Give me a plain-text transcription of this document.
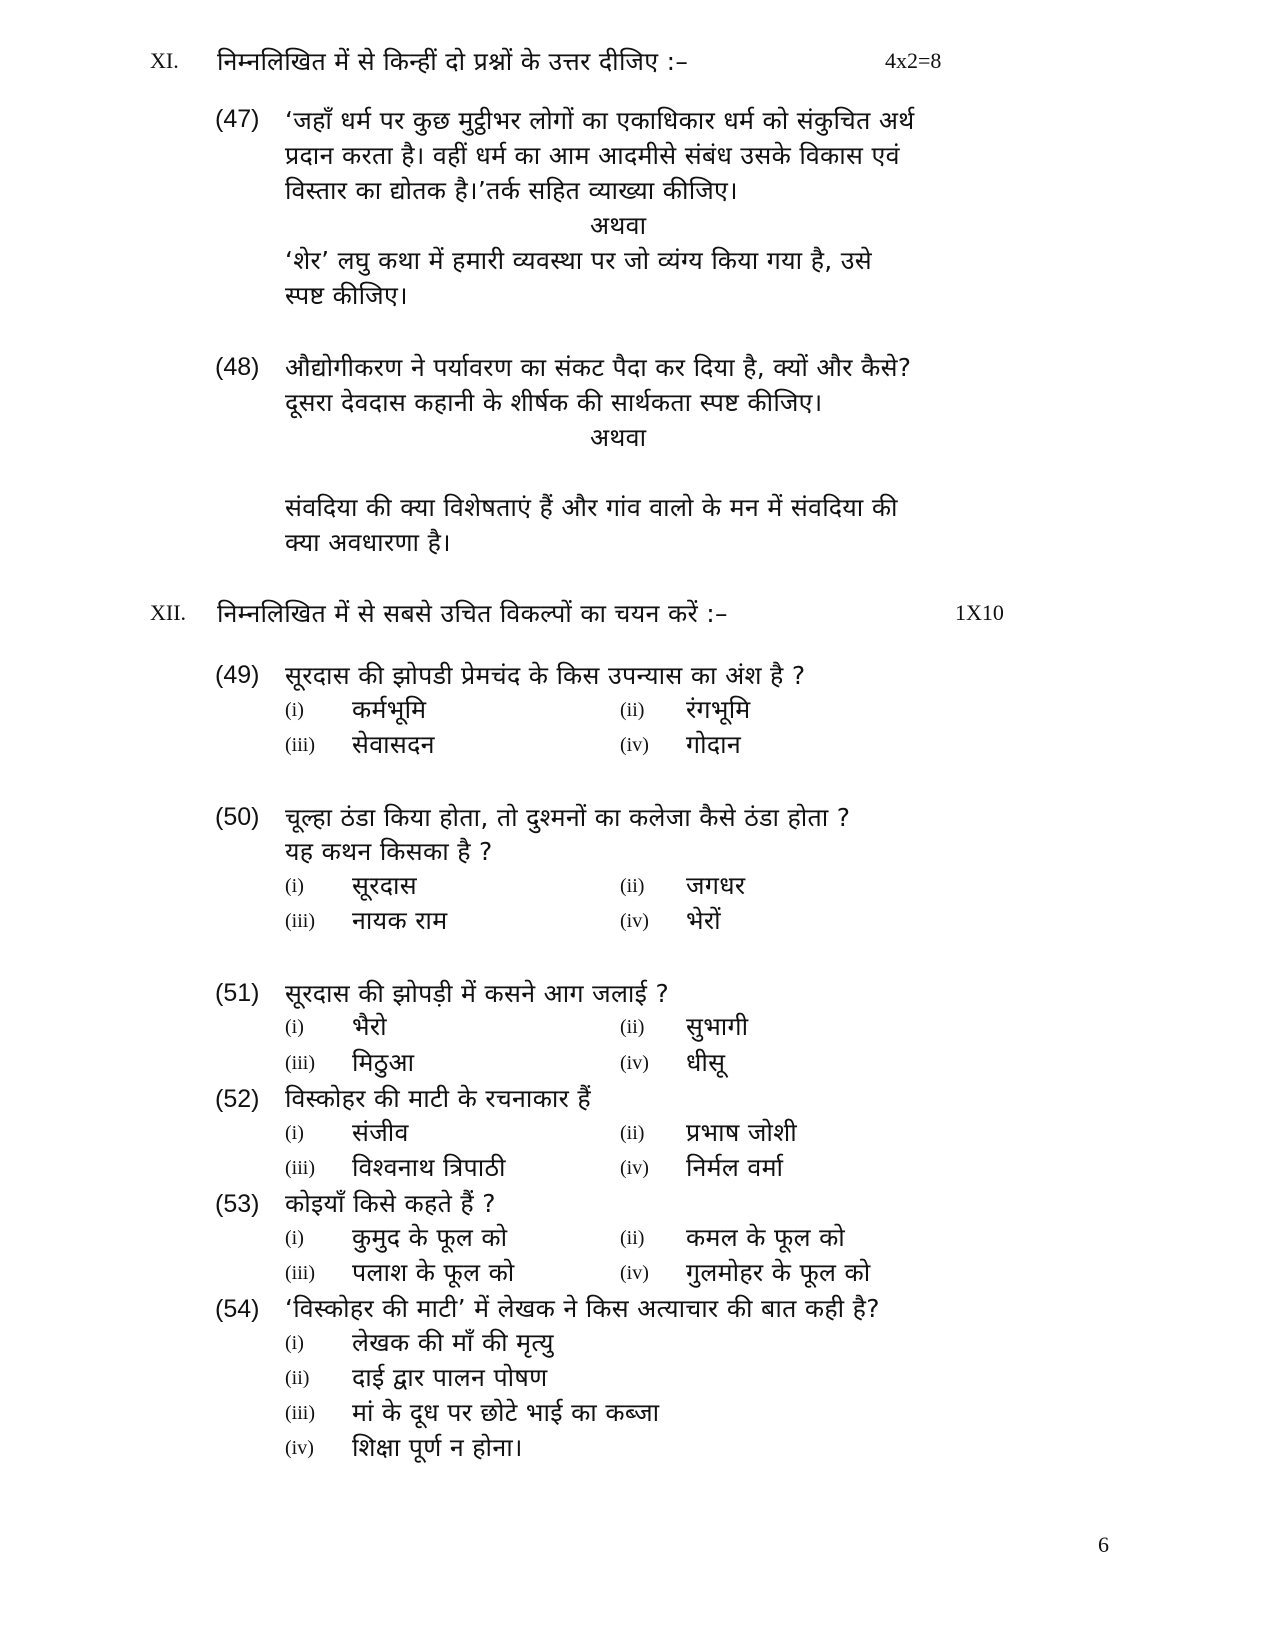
XI. निम्नलिखित में से किन्हीं दो प्रश्नों के उत्तर दीजिए :–	4x2=8
(47) ‘जहाँ धर्म पर कुछ मुट्ठीभर लोगों का एकाधिकार धर्म को संकुचित अर्थ
प्रदान करता है। वहीं धर्म का आम आदमीसे संबंध उसके विकास एवं
विस्तार का द्योतक है।’तर्क सहित व्याख्या कीजिए।
अथवा
‘शेर’ लघु कथा में हमारी व्यवस्था पर जो व्यंग्य किया गया है, उसे
स्पष्ट कीजिए।
(48) औद्योगीकरण ने पर्यावरण का संकट पैदा कर दिया है, क्यों और कैसे?
दूसरा देवदास कहानी के शीर्षक की सार्थकता स्पष्ट कीजिए।
अथवा
संवदिया की क्या विशेषताएं हैं और गांव वालो के मन में संवदिया की
क्या अवधारणा है।
XII. निम्नलिखित में से सबसे उचित विकल्पों का चयन करें :–	1X10
(49) सूरदास की झोपडी प्रेमचंद के किस उपन्यास का अंश है ?
(i) कर्मभूमि	(ii) रंगभूमि
(iii) सेवासदन	(iv) गोदान
(50) चूल्हा ठंडा किया होता, तो दुश्मनों का कलेजा कैसे ठंडा होता ?
यह कथन किसका है ?
(i) सूरदास	(ii) जगधर
(iii) नायक राम	(iv) भेरों
(51) सूरदास की झोपड़ी में कसने आग जलाई ?
(i) भैरो	(ii) सुभागी
(iii) मिठुआ	(iv) धीसू
(52) विस्कोहर की माटी के रचनाकार हैं
(i) संजीव	(ii) प्रभाष जोशी
(iii) विश्वनाथ त्रिपाठी	(iv) निर्मल वर्मा
(53) कोइयाँ किसे कहते हैं ?
(i) कुमुद के फूल को	(ii) कमल के फूल को
(iii) पलाश के फूल को	(iv) गुलमोहर के फूल को
(54) ‘विस्कोहर की माटी’ में लेखक ने किस अत्याचार की बात कही है?
(i) लेखक की माँ की मृत्यु
(ii) दाई द्वार पालन पोषण
(iii) मां के दूध पर छोटे भाई का कब्जा
(iv) शिक्षा पूर्ण न होना।
6
